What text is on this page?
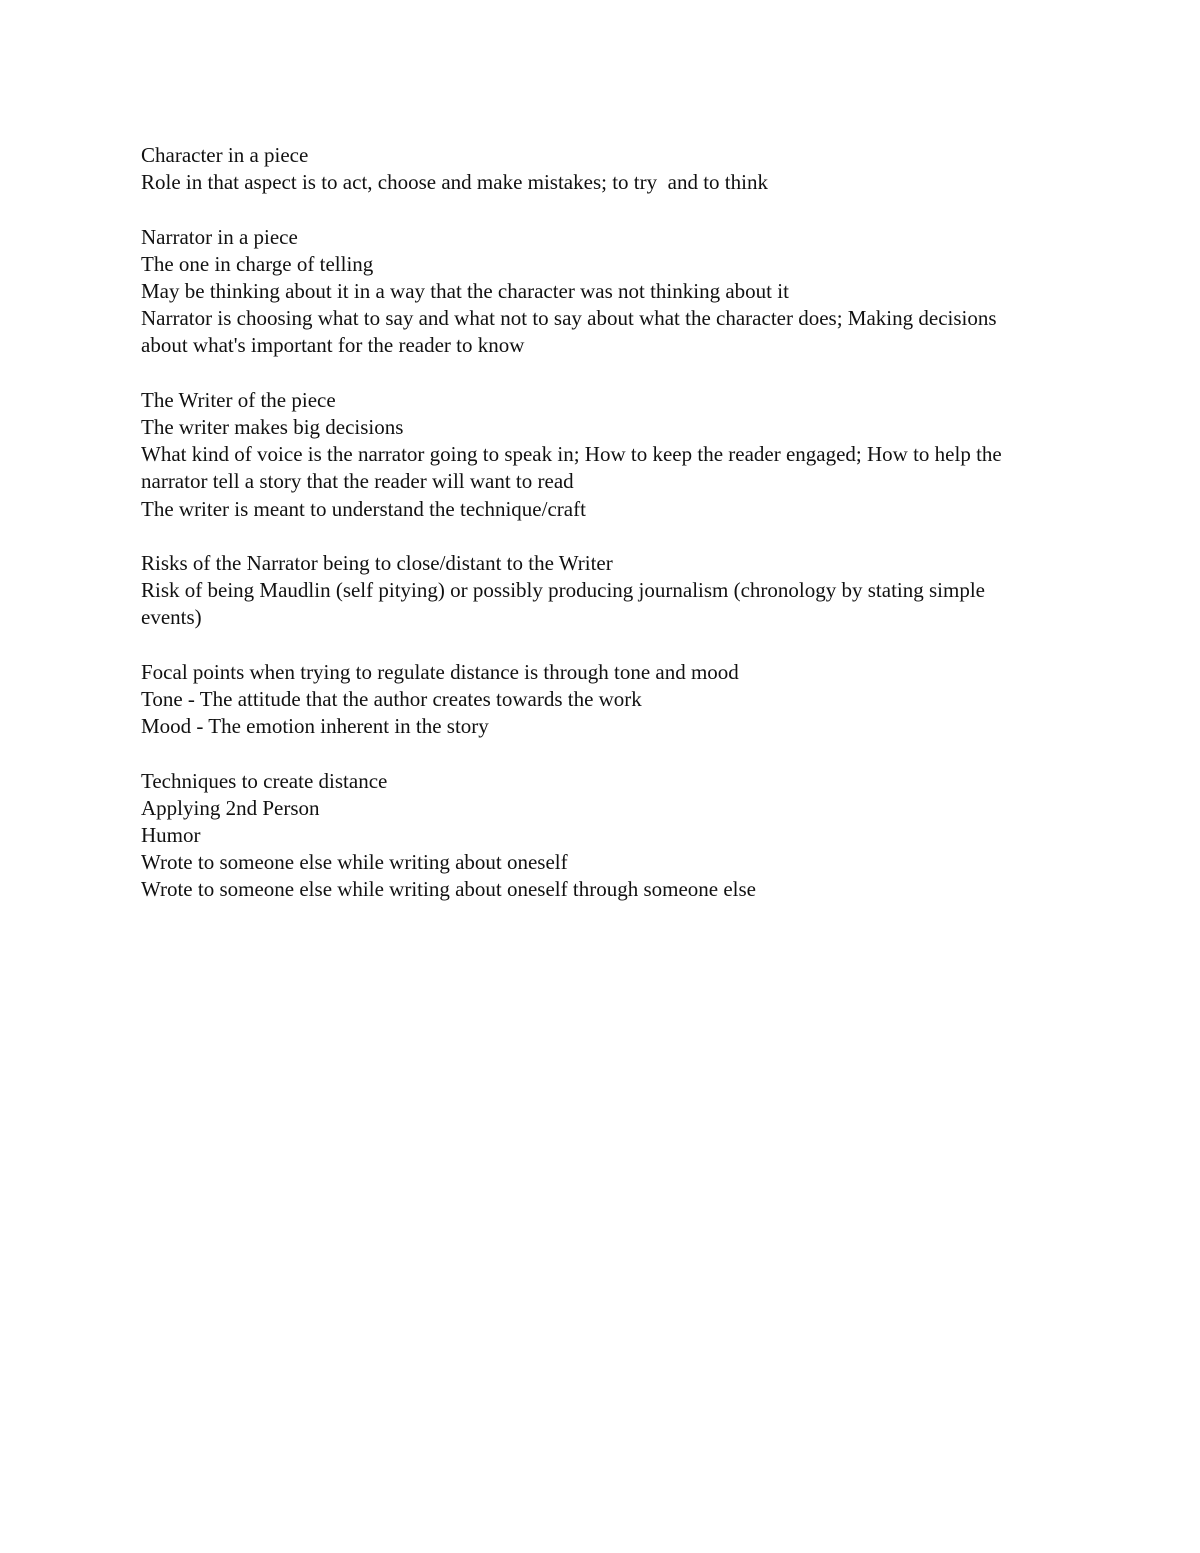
Character in a piece
Role in that aspect is to act, choose and make mistakes; to try  and to think
Narrator in a piece
The one in charge of telling
May be thinking about it in a way that the character was not thinking about it
Narrator is choosing what to say and what not to say about what the character does; Making decisions about what's important for the reader to know
The Writer of the piece
The writer makes big decisions
What kind of voice is the narrator going to speak in; How to keep the reader engaged; How to help the narrator tell a story that the reader will want to read
The writer is meant to understand the technique/craft
Risks of the Narrator being to close/distant to the Writer
Risk of being Maudlin (self pitying) or possibly producing journalism (chronology by stating simple events)
Focal points when trying to regulate distance is through tone and mood
Tone - The attitude that the author creates towards the work
Mood - The emotion inherent in the story
Techniques to create distance
Applying 2nd Person
Humor
Wrote to someone else while writing about oneself
Wrote to someone else while writing about oneself through someone else
